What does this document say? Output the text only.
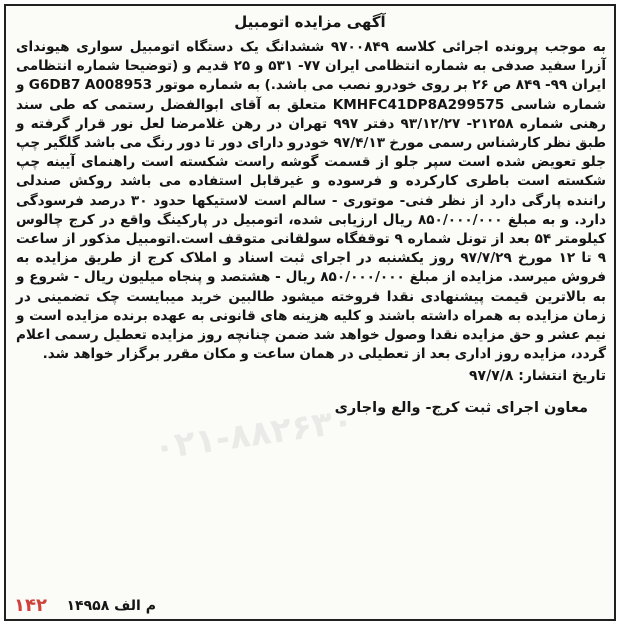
آگهی مزایده اتومبیل
به موجب پرونده اجرائی کلاسه ۹۷۰۰۸۴۹ ششدانگ یک دستگاه اتومبیل سواری هیوندای آزرا سفید صدفی به شماره انتظامی ایران ۷۷- ۵۳۱ و ۲۵ قدیم و (توضیحا شماره انتظامی ایران ۹۹- ۸۴۹ ص ۲۶ بر روی خودرو نصب می باشد.) به شماره موتور G6DB7 A008953 و شماره شاسی KMHFC41DP8A299575 متعلق به آقای ابوالفضل رستمی که طی سند رهنی شماره ۲۱۲۵۸- ۹۳/۱۲/۲۷ دفتر ۹۹۷ تهران در رهن غلامرضا لعل نور قرار گرفته و طبق نظر کارشناس رسمی مورخ ۹۷/۴/۱۳ خودرو دارای دور تا دور رنگ می باشد گلگیر چپ جلو تعویض شده است سپر جلو از قسمت گوشه راست شکسته است راهنمای آیینه چپ شکسته است باطری کارکرده و فرسوده و غیرقابل استفاده می باشد روکش صندلی راننده پارگی دارد از نظر فنی- موتوری - سالم است لاستیکها حدود ۳۰ درصد فرسودگی دارد. و به مبلغ ۸۵۰/۰۰۰/۰۰۰ ریال ارزیابی شده، اتومبیل در پارکینگ واقع در کرج چالوس کیلومتر ۵۴ بعد از تونل شماره ۹ توقفگاه سولقانی متوقف است.اتومبیل مذکور از ساعت ۹ تا ۱۲ مورخ ۹۷/۷/۲۹ روز یکشنبه در اجرای ثبت اسناد و املاک کرج از طریق مزایده به فروش میرسد. مزایده از مبلغ ۸۵۰/۰۰۰/۰۰۰ ریال - هشتصد و پنجاه میلیون ریال - شروع و به بالاترین قیمت پیشنهادی نقدا فروخته میشود طالبین خرید میبایست چک تضمینی در زمان مزایده به همراه داشته باشند و کلیه هزینه های قانونی به عهده برنده مزایده است و نیم عشر و حق مزایده نقدا وصول خواهد شد ضمن چنانچه روز مزایده تعطیل رسمی اعلام گردد، مزایده روز اداری بعد از تعطیلی در همان ساعت و مکان مقرر برگزار خواهد شد.
تاریخ انتشار: ۹۷/۷/۸
معاون اجرای ثبت کرج- والع واجاری
م الف ۱۴۹۵۸
۱۴۲
۰۲۱-۸۸۲۶۳۰
